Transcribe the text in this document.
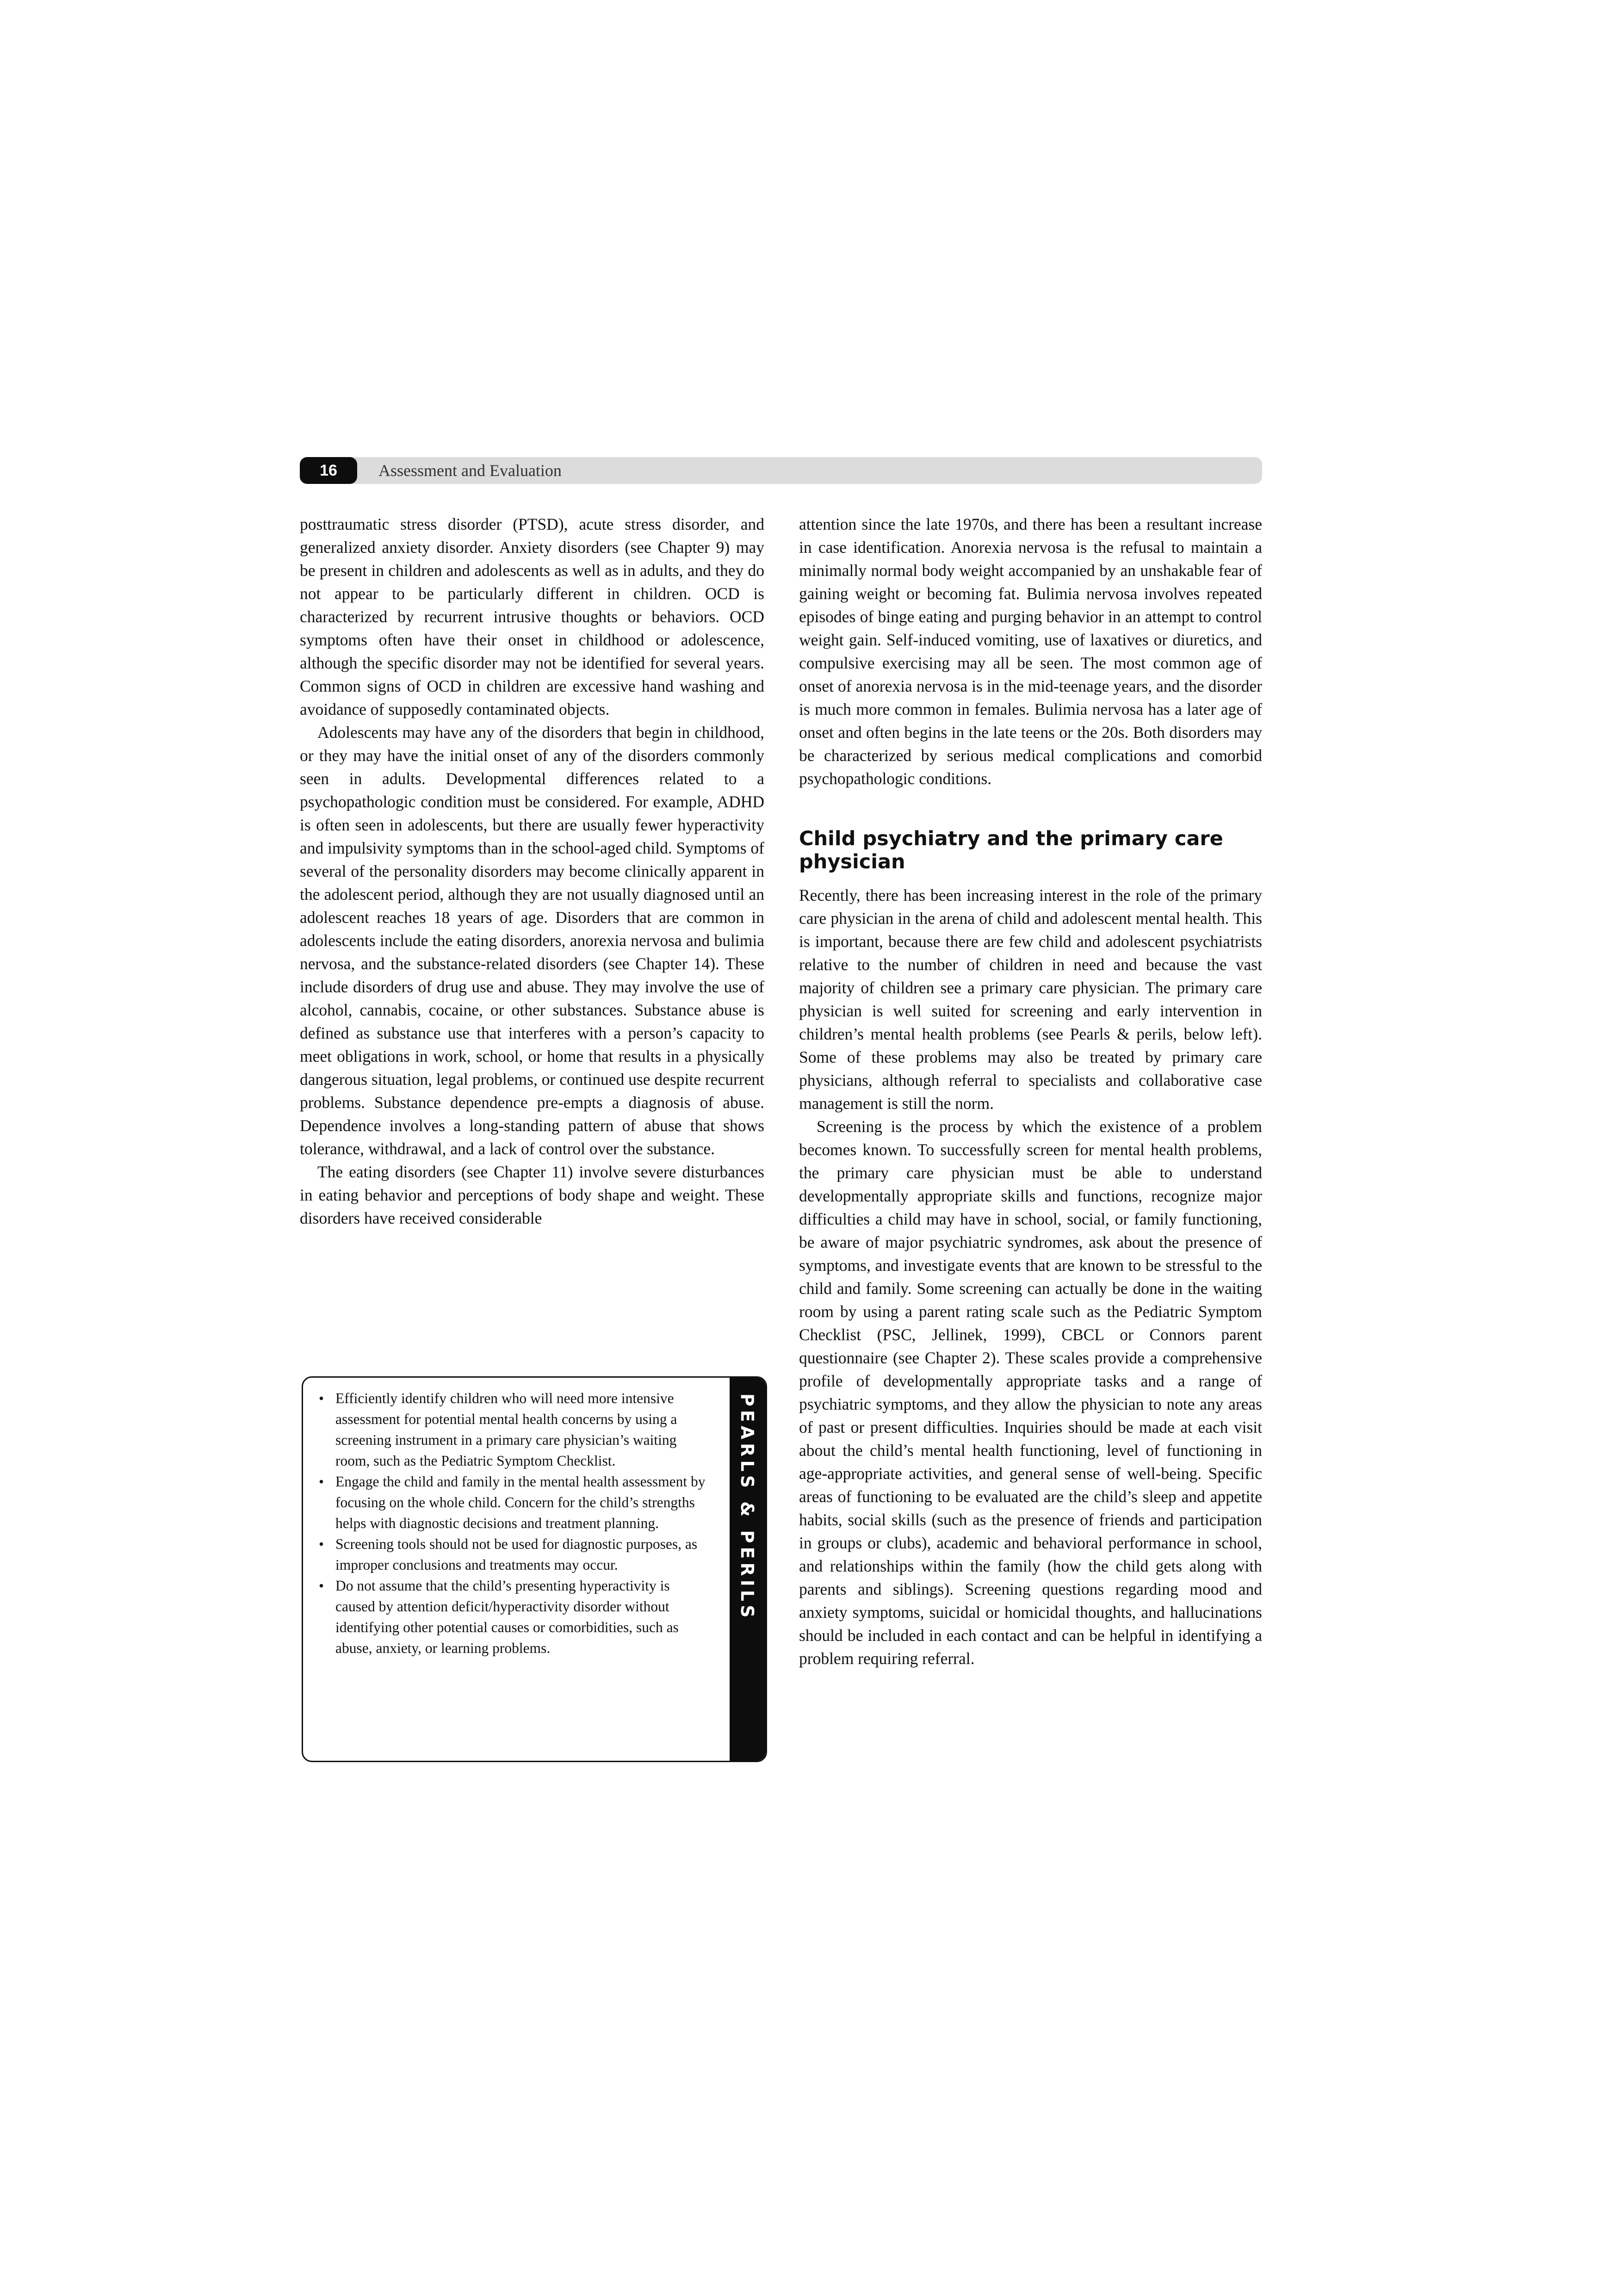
16	Assessment and Evaluation

posttraumatic stress disorder (PTSD), acute stress disorder, and generalized anxiety disorder. Anxiety disorders (see Chapter 9) may be present in children and adolescents as well as in adults, and they do not appear to be particularly different in children. OCD is characterized by recurrent intrusive thoughts or behaviors. OCD symptoms often have their onset in childhood or adolescence, although the specific disorder may not be identified for several years. Common signs of OCD in children are excessive hand washing and avoidance of supposedly contaminated objects.

Adolescents may have any of the disorders that begin in childhood, or they may have the initial onset of any of the disorders commonly seen in adults. Developmental differences related to a psychopathologic condition must be considered. For example, ADHD is often seen in adolescents, but there are usually fewer hyperactivity and impulsivity symptoms than in the school-aged child. Symptoms of several of the personality disorders may become clinically apparent in the adolescent period, although they are not usually diagnosed until an adolescent reaches 18 years of age. Disorders that are common in adolescents include the eating disorders, anorexia nervosa and bulimia nervosa, and the substance-related disorders (see Chapter 14). These include disorders of drug use and abuse. They may involve the use of alcohol, cannabis, cocaine, or other substances. Substance abuse is defined as substance use that interferes with a person’s capacity to meet obligations in work, school, or home that results in a physically dangerous situation, legal problems, or continued use despite recurrent problems. Substance dependence pre-empts a diagnosis of abuse. Dependence involves a long-standing pattern of abuse that shows tolerance, withdrawal, and a lack of control over the substance.

The eating disorders (see Chapter 11) involve severe disturbances in eating behavior and perceptions of body shape and weight. These disorders have received considerable

• Efficiently identify children who will need more intensive assessment for potential mental health concerns by using a screening instrument in a primary care physician’s waiting room, such as the Pediatric Symptom Checklist.
• Engage the child and family in the mental health assessment by focusing on the whole child. Concern for the child’s strengths helps with diagnostic decisions and treatment planning.
• Screening tools should not be used for diagnostic purposes, as improper conclusions and treatments may occur.
• Do not assume that the child’s presenting hyperactivity is caused by attention deficit/hyperactivity disorder without identifying other potential causes or comorbidities, such as abuse, anxiety, or learning problems.
PEARLS & PERILS

attention since the late 1970s, and there has been a resultant increase in case identification. Anorexia nervosa is the refusal to maintain a minimally normal body weight accompanied by an unshakable fear of gaining weight or becoming fat. Bulimia nervosa involves repeated episodes of binge eating and purging behavior in an attempt to control weight gain. Self-induced vomiting, use of laxatives or diuretics, and compulsive exercising may all be seen. The most common age of onset of anorexia nervosa is in the mid-teenage years, and the disorder is much more common in females. Bulimia nervosa has a later age of onset and often begins in the late teens or the 20s. Both disorders may be characterized by serious medical complications and comorbid psychopathologic conditions.

Child psychiatry and the primary care physician

Recently, there has been increasing interest in the role of the primary care physician in the arena of child and adolescent mental health. This is important, because there are few child and adolescent psychiatrists relative to the number of children in need and because the vast majority of children see a primary care physician. The primary care physician is well suited for screening and early intervention in children’s mental health problems (see Pearls & perils, below left). Some of these problems may also be treated by primary care physicians, although referral to specialists and collaborative case management is still the norm.

Screening is the process by which the existence of a problem becomes known. To successfully screen for mental health problems, the primary care physician must be able to understand developmentally appropriate skills and functions, recognize major difficulties a child may have in school, social, or family functioning, be aware of major psychiatric syndromes, ask about the presence of symptoms, and investigate events that are known to be stressful to the child and family. Some screening can actually be done in the waiting room by using a parent rating scale such as the Pediatric Symptom Checklist (PSC, Jellinek, 1999), CBCL or Connors parent questionnaire (see Chapter 2). These scales provide a comprehensive profile of developmentally appropriate tasks and a range of psychiatric symptoms, and they allow the physician to note any areas of past or present difficulties. Inquiries should be made at each visit about the child’s mental health functioning, level of functioning in age-appropriate activities, and general sense of well-being. Specific areas of functioning to be evaluated are the child’s sleep and appetite habits, social skills (such as the presence of friends and participation in groups or clubs), academic and behavioral performance in school, and relationships within the family (how the child gets along with parents and siblings). Screening questions regarding mood and anxiety symptoms, suicidal or homicidal thoughts, and hallucinations should be included in each contact and can be helpful in identifying a problem requiring referral.
